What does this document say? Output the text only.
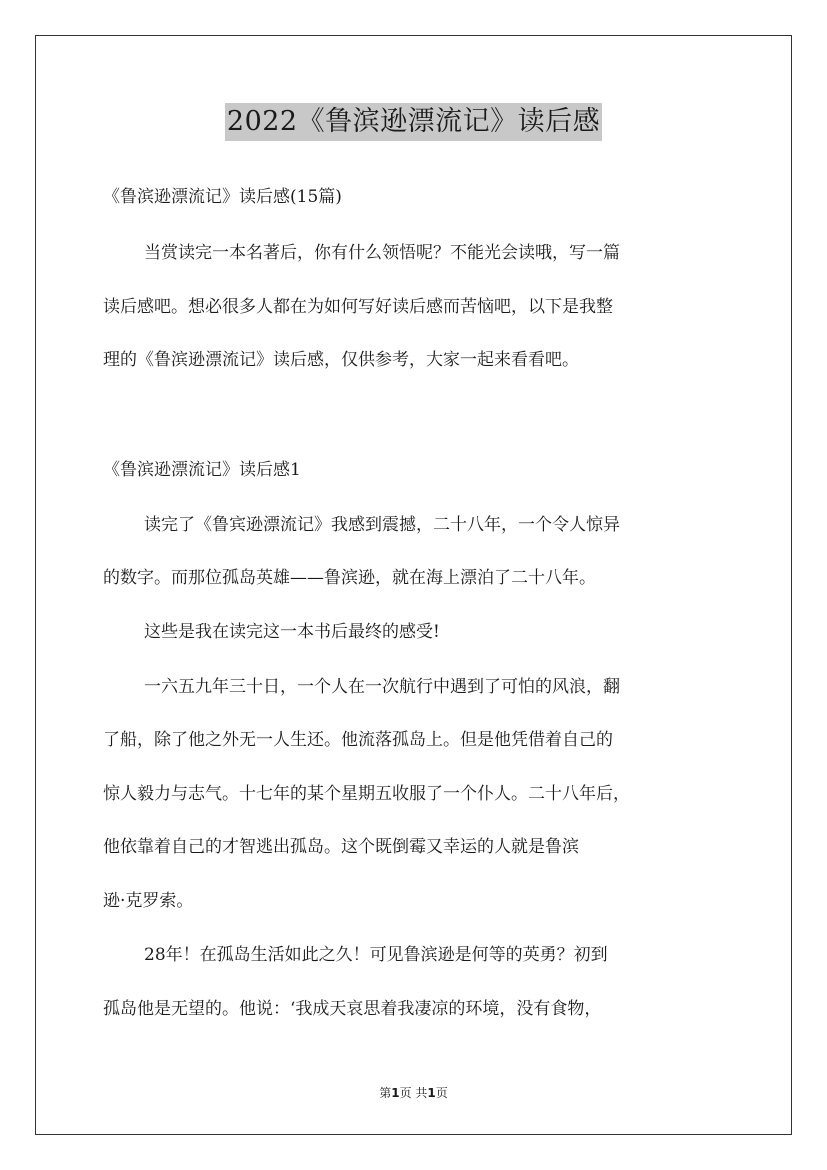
2022《鲁滨逊漂流记》读后感
《鲁滨逊漂流记》读后感(15篇)
当赏读完一本名著后，你有什么领悟呢？不能光会读哦，写一篇
读后感吧。想必很多人都在为如何写好读后感而苦恼吧，以下是我整
理的《鲁滨逊漂流记》读后感，仅供参考，大家一起来看看吧。
《鲁滨逊漂流记》读后感1
读完了《鲁宾逊漂流记》我感到震撼，二十八年，一个令人惊异
的数字。而那位孤岛英雄——鲁滨逊，就在海上漂泊了二十八年。
这些是我在读完这一本书后最终的感受!
一六五九年三十日，一个人在一次航行中遇到了可怕的风浪，翻
了船，除了他之外无一人生还。他流落孤岛上。但是他凭借着自己的
惊人毅力与志气。十七年的某个星期五收服了一个仆人。二十八年后，
他依靠着自己的才智逃出孤岛。这个既倒霉又幸运的人就是鲁滨
逊·克罗索。
28年！在孤岛生活如此之久！可见鲁滨逊是何等的英勇？初到
孤岛他是无望的。他说：‘我成天哀思着我凄凉的环境，没有食物，
第1页 共1页
